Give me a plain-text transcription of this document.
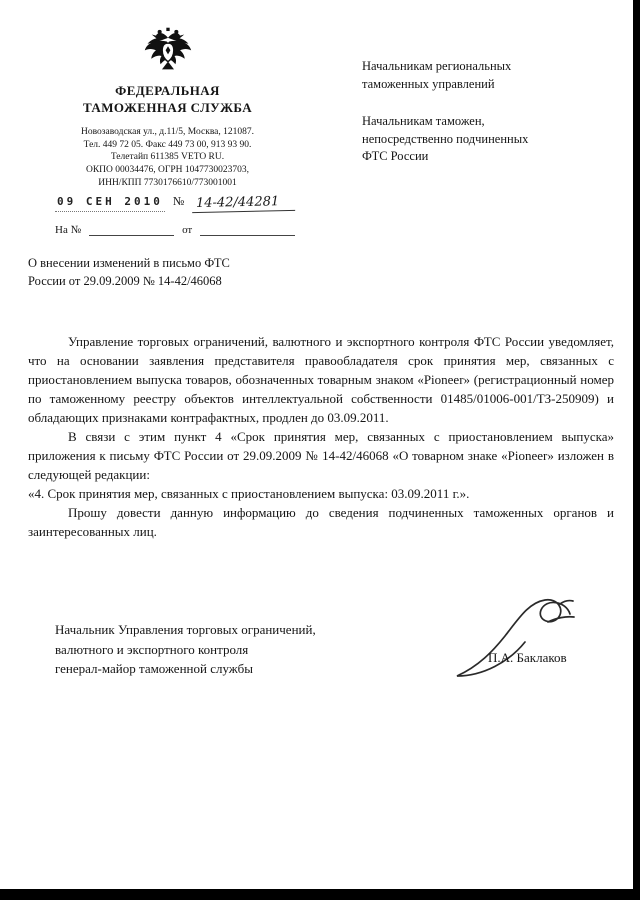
ФЕДЕРАЛЬНАЯ
ТАМОЖЕННАЯ СЛУЖБА
Новозаводская ул., д.11/5, Москва, 121087.
Тел. 449 72 05. Факс 449 73 00, 913 93 90.
Телетайп 611385 VETO RU.
ОКПО 00034476, ОГРН 1047730023703,
ИНН/КПП 7730176610/773001001
09 СЕН 2010 № 14-42/44281
На №	от
Начальникам региональных
таможенных управлений
Начальникам таможен,
непосредственно подчиненных
ФТС России
О внесении изменений в письмо ФТС
России от 29.09.2009 № 14-42/46068

Управление торговых ограничений, валютного и экспортного контроля ФТС России уведомляет, что на основании заявления представителя правообладателя срок принятия мер, связанных с приостановлением выпуска товаров, обозначенных товарным знаком «Pioneer» (регистрационный номер по таможенному реестру объектов интеллектуальной собственности 01485/01006-001/ТЗ-250909) и обладающих признаками контрафактных, продлен до 03.09.2011.

В связи с этим пункт 4 «Срок принятия мер, связанных с приостановлением выпуска» приложения к письму ФТС России от 29.09.2009 № 14-42/46068 «О товарном знаке «Pioneer» изложен в следующей редакции:

«4. Срок принятия мер, связанных с приостановлением выпуска: 03.09.2011 г.».

Прошу довести данную информацию до сведения подчиненных таможенных органов и заинтересованных лиц.

Начальник Управления торговых ограничений,
валютного и экспортного контроля
генерал-майор таможенной службы
П.А. Баклаков
